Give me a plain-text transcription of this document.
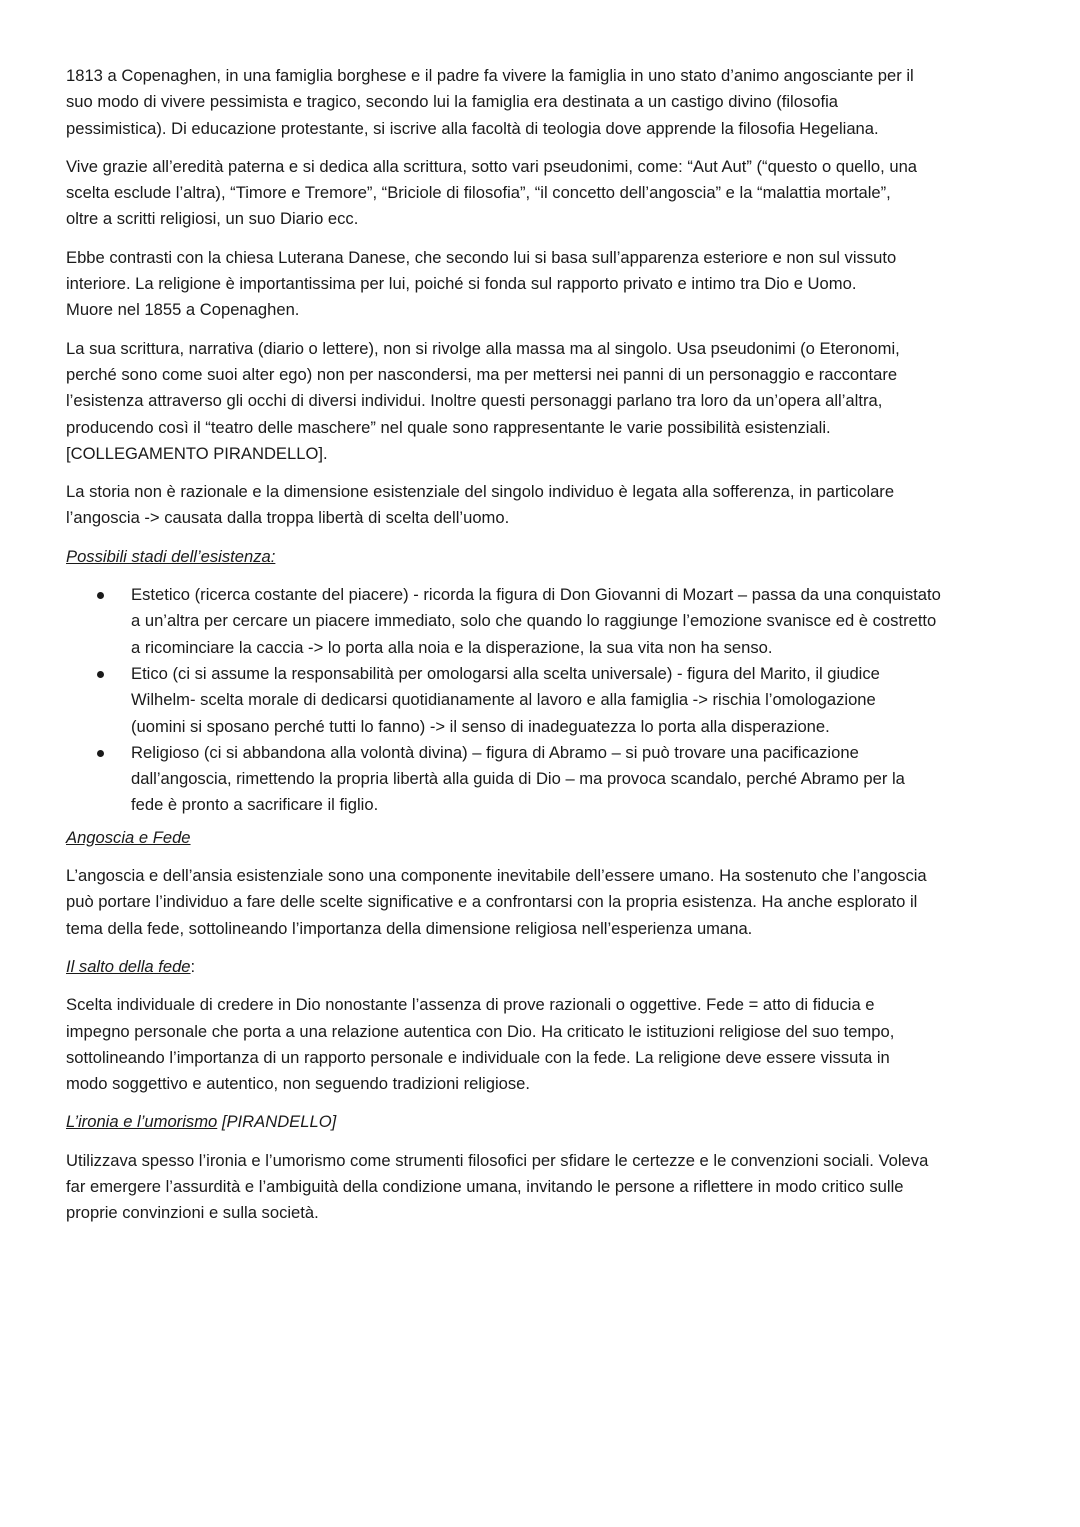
1813 a Copenaghen, in una famiglia borghese e il padre fa vivere la famiglia in uno stato d’animo angosciante per il
suo modo di vivere pessimista e tragico, secondo lui la famiglia era destinata a un castigo divino (filosofia
pessimistica). Di educazione protestante, si iscrive alla facoltà di teologia dove apprende la filosofia Hegeliana.

Vive grazie all’eredità paterna e si dedica alla scrittura, sotto vari pseudonimi, come: “Aut Aut” (“questo o quello, una
scelta esclude l’altra), “Timore e Tremore”, “Briciole di filosofia”, “il concetto dell’angoscia” e la “malattia mortale”,
oltre a scritti religiosi, un suo Diario ecc.

Ebbe contrasti con la chiesa Luterana Danese, che secondo lui si basa sull’apparenza esteriore e non sul vissuto
interiore. La religione è importantissima per lui, poiché si fonda sul rapporto privato e intimo tra Dio e Uomo.
Muore nel 1855 a Copenaghen.

La sua scrittura, narrativa (diario o lettere), non si rivolge alla massa ma al singolo. Usa pseudonimi (o Eteronomi,
perché sono come suoi alter ego) non per nascondersi, ma per mettersi nei panni di un personaggio e raccontare
l’esistenza attraverso gli occhi di diversi individui. Inoltre questi personaggi parlano tra loro da un’opera all’altra,
producendo così il “teatro delle maschere” nel quale sono rappresentante le varie possibilità esistenziali.
[COLLEGAMENTO PIRANDELLO].

La storia non è razionale e la dimensione esistenziale del singolo individuo è legata alla sofferenza, in particolare
l’angoscia -> causata dalla troppa libertà di scelta dell’uomo.

Possibili stadi dell’esistenza:
Estetico (ricerca costante del piacere) - ricorda la figura di Don Giovanni di Mozart – passa da una conquistato
a un’altra per cercare un piacere immediato, solo che quando lo raggiunge l’emozione svanisce ed è costretto
a ricominciare la caccia -> lo porta alla noia e la disperazione, la sua vita non ha senso.
Etico (ci si assume la responsabilità per omologarsi alla scelta universale) - figura del Marito, il giudice
Wilhelm- scelta morale di dedicarsi quotidianamente al lavoro e alla famiglia -> rischia l’omologazione
(uomini si sposano perché tutti lo fanno) -> il senso di inadeguatezza lo porta alla disperazione.
Religioso (ci si abbandona alla volontà divina) – figura di Abramo – si può trovare una pacificazione
dall’angoscia, rimettendo la propria libertà alla guida di Dio – ma provoca scandalo, perché Abramo per la
fede è pronto a sacrificare il figlio.
Angoscia e Fede

L’angoscia e dell’ansia esistenziale sono una componente inevitabile dell’essere umano. Ha sostenuto che l’angoscia
può portare l’individuo a fare delle scelte significative e a confrontarsi con la propria esistenza. Ha anche esplorato il
tema della fede, sottolineando l’importanza della dimensione religiosa nell’esperienza umana.

Il salto della fede:

Scelta individuale di credere in Dio nonostante l’assenza di prove razionali o oggettive. Fede = atto di fiducia e
impegno personale che porta a una relazione autentica con Dio. Ha criticato le istituzioni religiose del suo tempo,
sottolineando l’importanza di un rapporto personale e individuale con la fede. La religione deve essere vissuta in
modo soggettivo e autentico, non seguendo tradizioni religiose.

L’ironia e l’umorismo [PIRANDELLO]

Utilizzava spesso l’ironia e l’umorismo come strumenti filosofici per sfidare le certezze e le convenzioni sociali. Voleva
far emergere l’assurdità e l’ambiguità della condizione umana, invitando le persone a riflettere in modo critico sulle
proprie convinzioni e sulla società.
